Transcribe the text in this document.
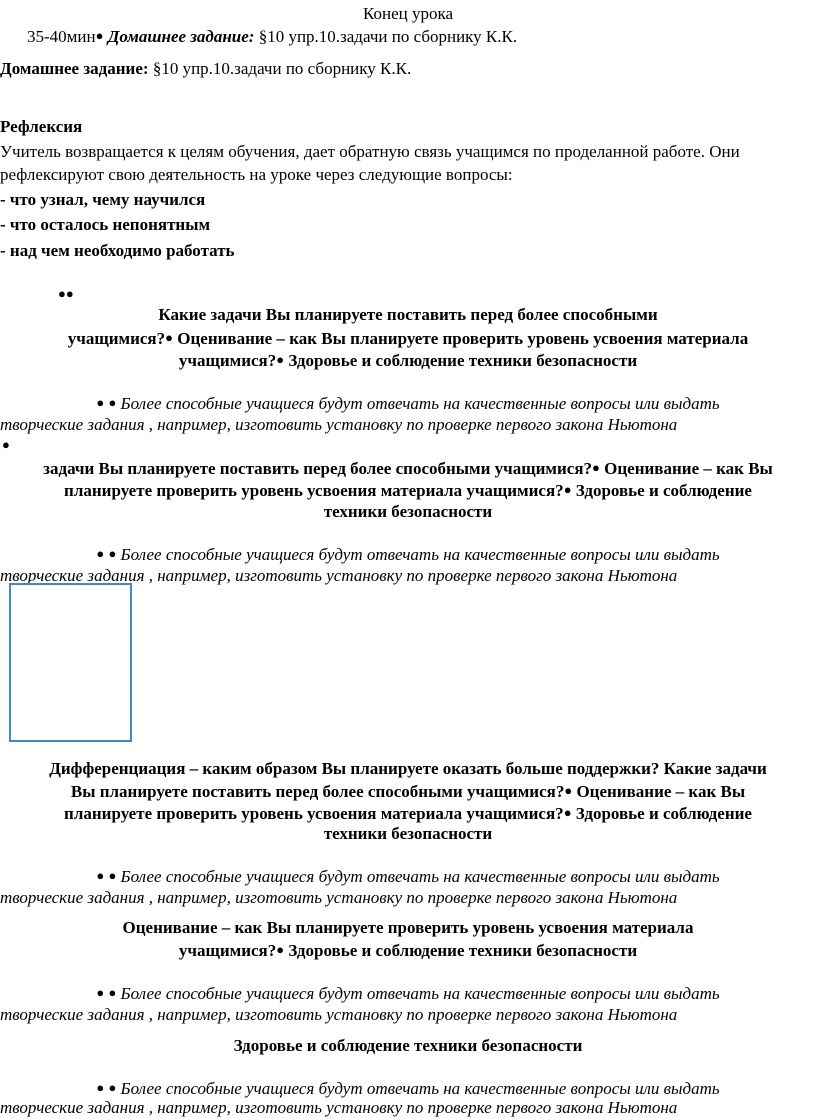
Конец урока
35-40мин● Домашнее задание: §10 упр.10.задачи по сборнику К.К.
Домашнее задание: §10 упр.10.задачи по сборнику К.К.
Рефлексия
Учитель возвращается к целям обучения, дает обратную связь учащимся по проделанной работе. Они
рефлексируют свою деятельность на уроке через следующие вопросы:
- что узнал, чему научился
- что осталось непонятным
- над чем необходимо работать
●●
Какие задачи Вы планируете поставить перед более способными
учащимися?● Оценивание – как Вы планируете проверить уровень усвоения материала
учащимися?● Здоровье и соблюдение техники безопасности
● ● Более способные учащиеся будут отвечать на качественные вопросы или выдать
творческие задания , например, изготовить установку по проверке первого закона Ньютона
●
задачи Вы планируете поставить перед более способными учащимися?● Оценивание – как Вы
планируете проверить уровень усвоения материала учащимися?● Здоровье и соблюдение
техники безопасности
● ● Более способные учащиеся будут отвечать на качественные вопросы или выдать
творческие задания , например, изготовить установку по проверке первого закона Ньютона
Дифференциация – каким образом Вы планируете оказать больше поддержки? Какие задачи
Вы планируете поставить перед более способными учащимися?● Оценивание – как Вы
планируете проверить уровень усвоения материала учащимися?● Здоровье и соблюдение
техники безопасности
● ● Более способные учащиеся будут отвечать на качественные вопросы или выдать
творческие задания , например, изготовить установку по проверке первого закона Ньютона
Оценивание – как Вы планируете проверить уровень усвоения материала
учащимися?● Здоровье и соблюдение техники безопасности
● ● Более способные учащиеся будут отвечать на качественные вопросы или выдать
творческие задания , например, изготовить установку по проверке первого закона Ньютона
Здоровье и соблюдение техники безопасности
● ● Более способные учащиеся будут отвечать на качественные вопросы или выдать
творческие задания , например, изготовить установку по проверке первого закона Ньютона
